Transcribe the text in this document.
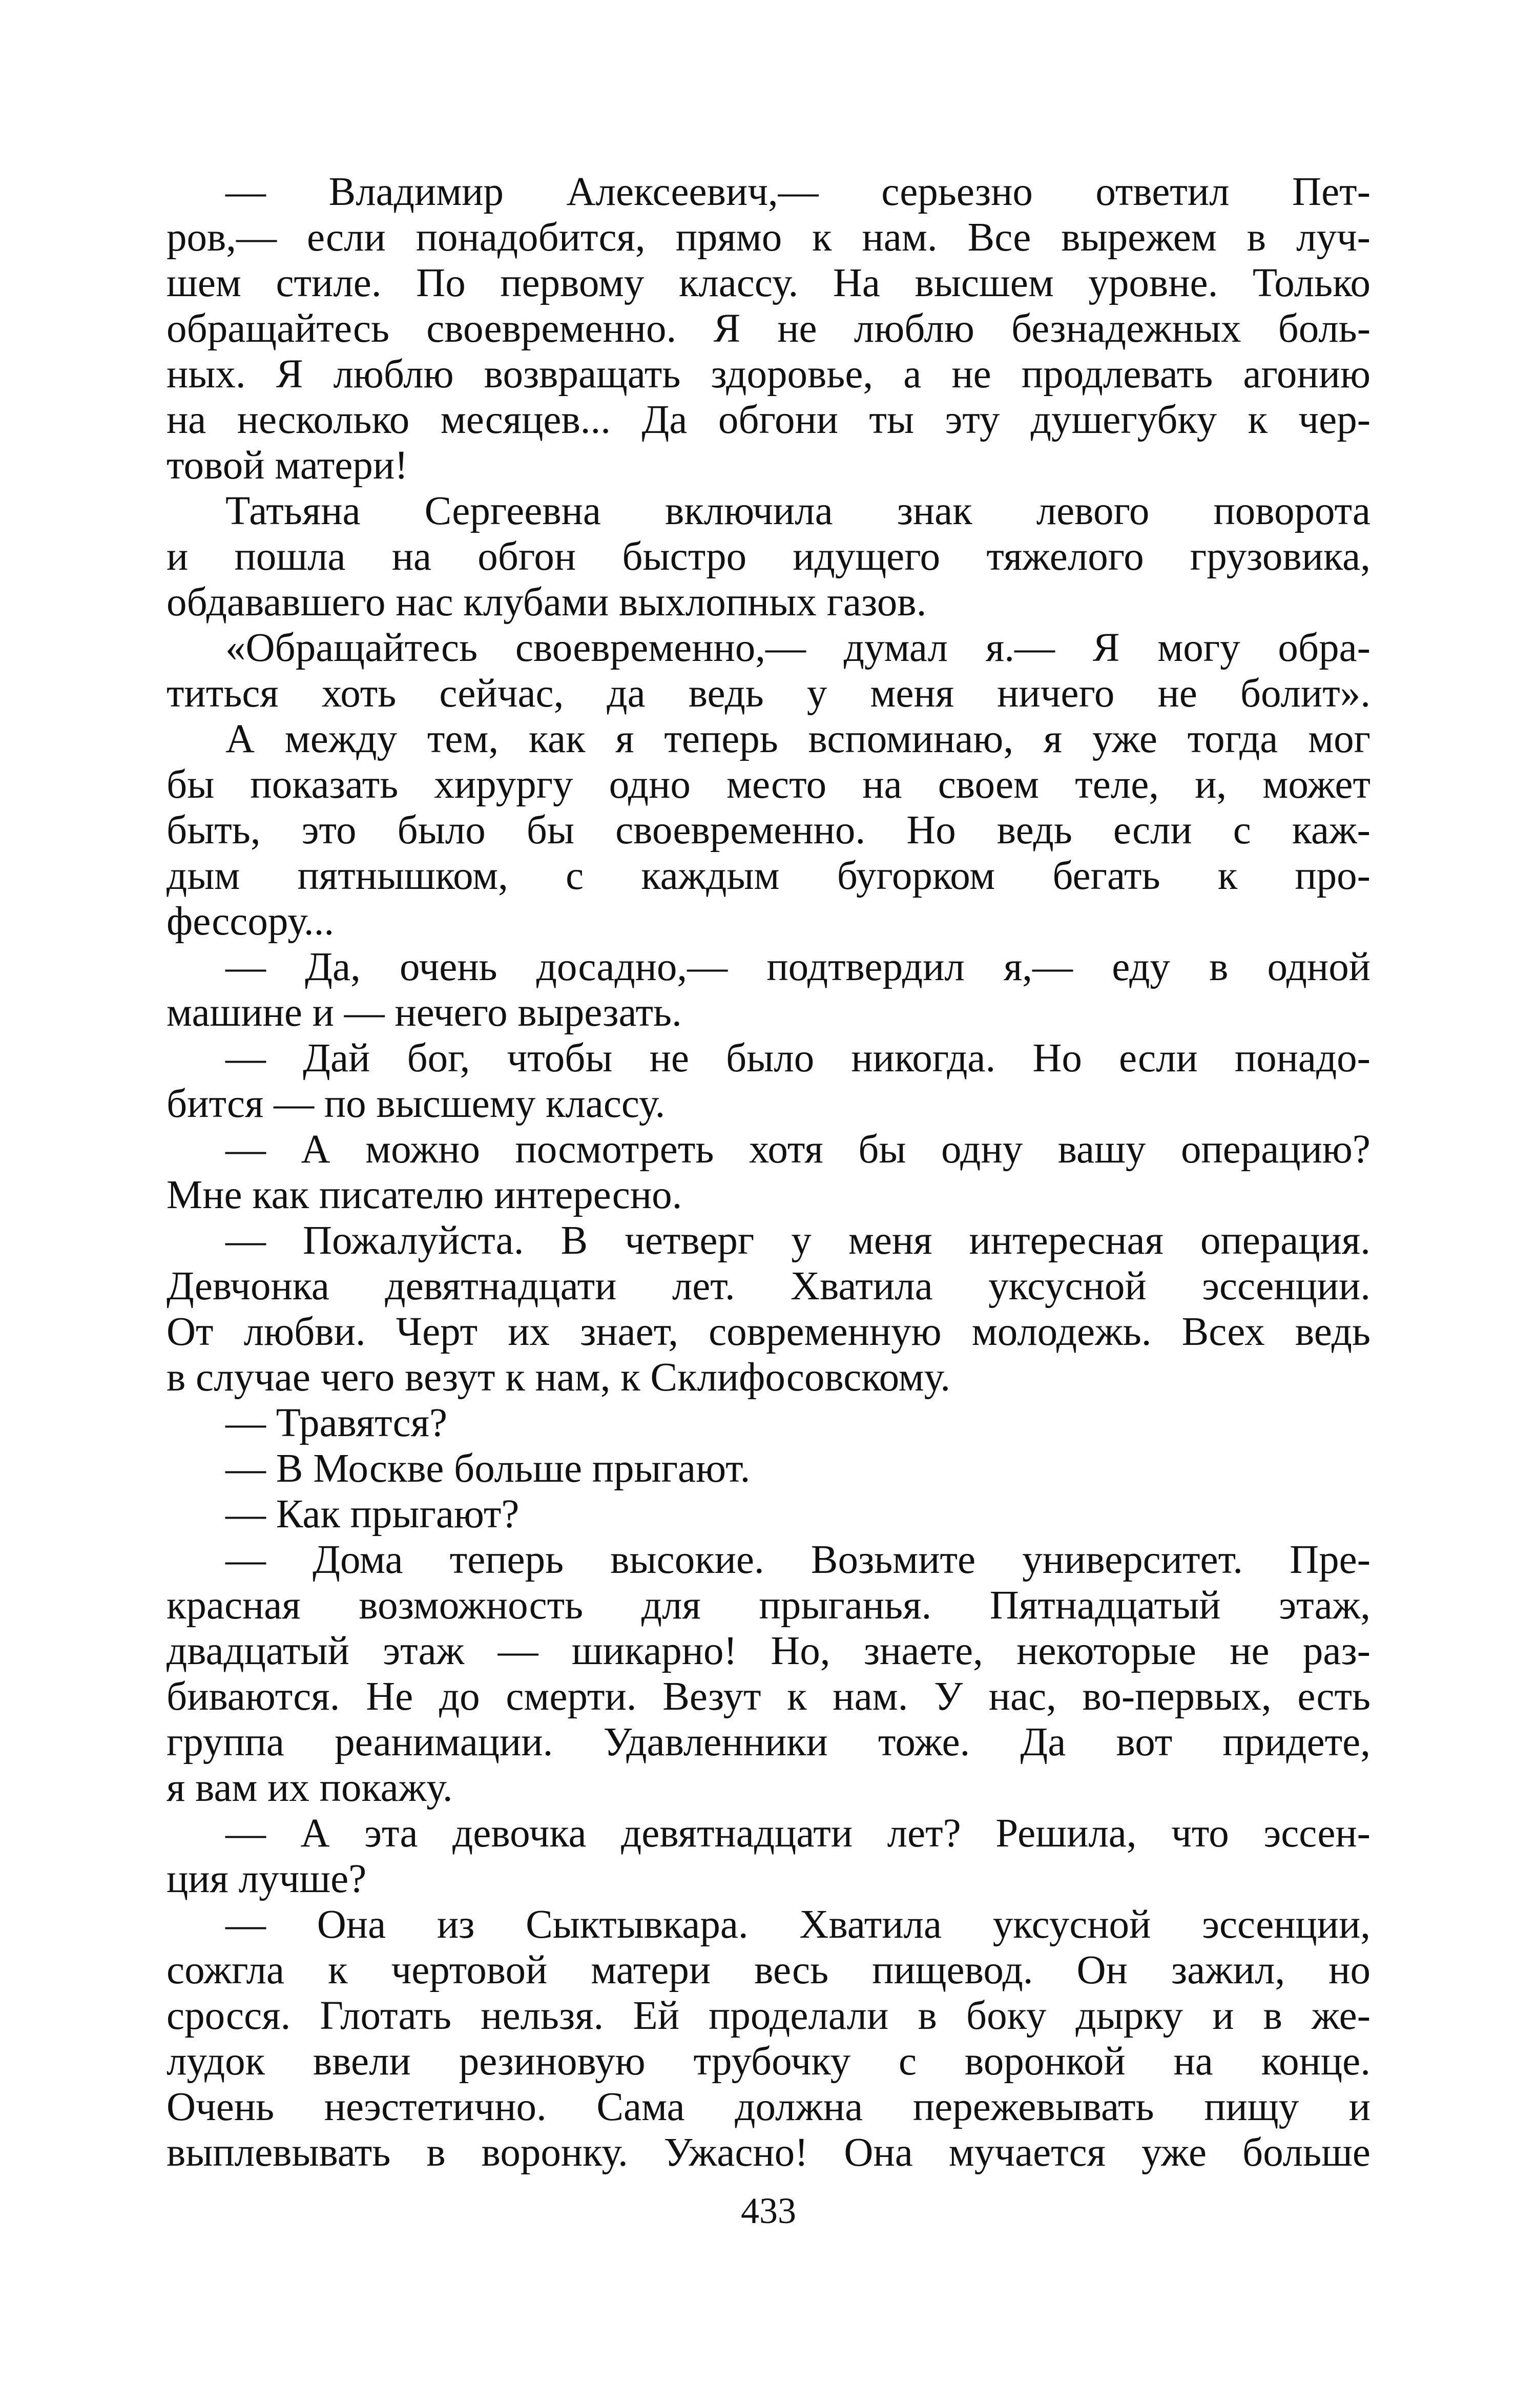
— Владимир Алексеевич,— серьезно ответил Пет-
ров,— если понадобится, прямо к нам. Все вырежем в луч-
шем стиле. По первому классу. На высшем уровне. Только
обращайтесь своевременно. Я не люблю безнадежных боль-
ных. Я люблю возвращать здоровье, а не продлевать агонию
на несколько месяцев... Да обгони ты эту душегубку к чер-
товой матери!
Татьяна Сергеевна включила знак левого поворота
и пошла на обгон быстро идущего тяжелого грузовика,
обдававшего нас клубами выхлопных газов.
«Обращайтесь своевременно,— думал я.— Я могу обра-
титься хоть сейчас, да ведь у меня ничего не болит».
А между тем, как я теперь вспоминаю, я уже тогда мог
бы показать хирургу одно место на своем теле, и, может
быть, это было бы своевременно. Но ведь если с каж-
дым пятнышком, с каждым бугорком бегать к про-
фессору...
— Да, очень досадно,— подтвердил я,— еду в одной
машине и — нечего вырезать.
— Дай бог, чтобы не было никогда. Но если понадо-
бится — по высшему классу.
— А можно посмотреть хотя бы одну вашу операцию?
Мне как писателю интересно.
— Пожалуйста. В четверг у меня интересная операция.
Девчонка девятнадцати лет. Хватила уксусной эссенции.
От любви. Черт их знает, современную молодежь. Всех ведь
в случае чего везут к нам, к Склифосовскому.
— Травятся?
— В Москве больше прыгают.
— Как прыгают?
— Дома теперь высокие. Возьмите университет. Пре-
красная возможность для прыганья. Пятнадцатый этаж,
двадцатый этаж — шикарно! Но, знаете, некоторые не раз-
биваются. Не до смерти. Везут к нам. У нас, во-первых, есть
группа реанимации. Удавленники тоже. Да вот придете,
я вам их покажу.
— А эта девочка девятнадцати лет? Решила, что эссен-
ция лучше?
— Она из Сыктывкара. Хватила уксусной эссенции,
сожгла к чертовой матери весь пищевод. Он зажил, но
сросся. Глотать нельзя. Ей проделали в боку дырку и в же-
лудок ввели резиновую трубочку с воронкой на конце.
Очень неэстетично. Сама должна пережевывать пищу и
выплевывать в воронку. Ужасно! Она мучается уже больше
433
